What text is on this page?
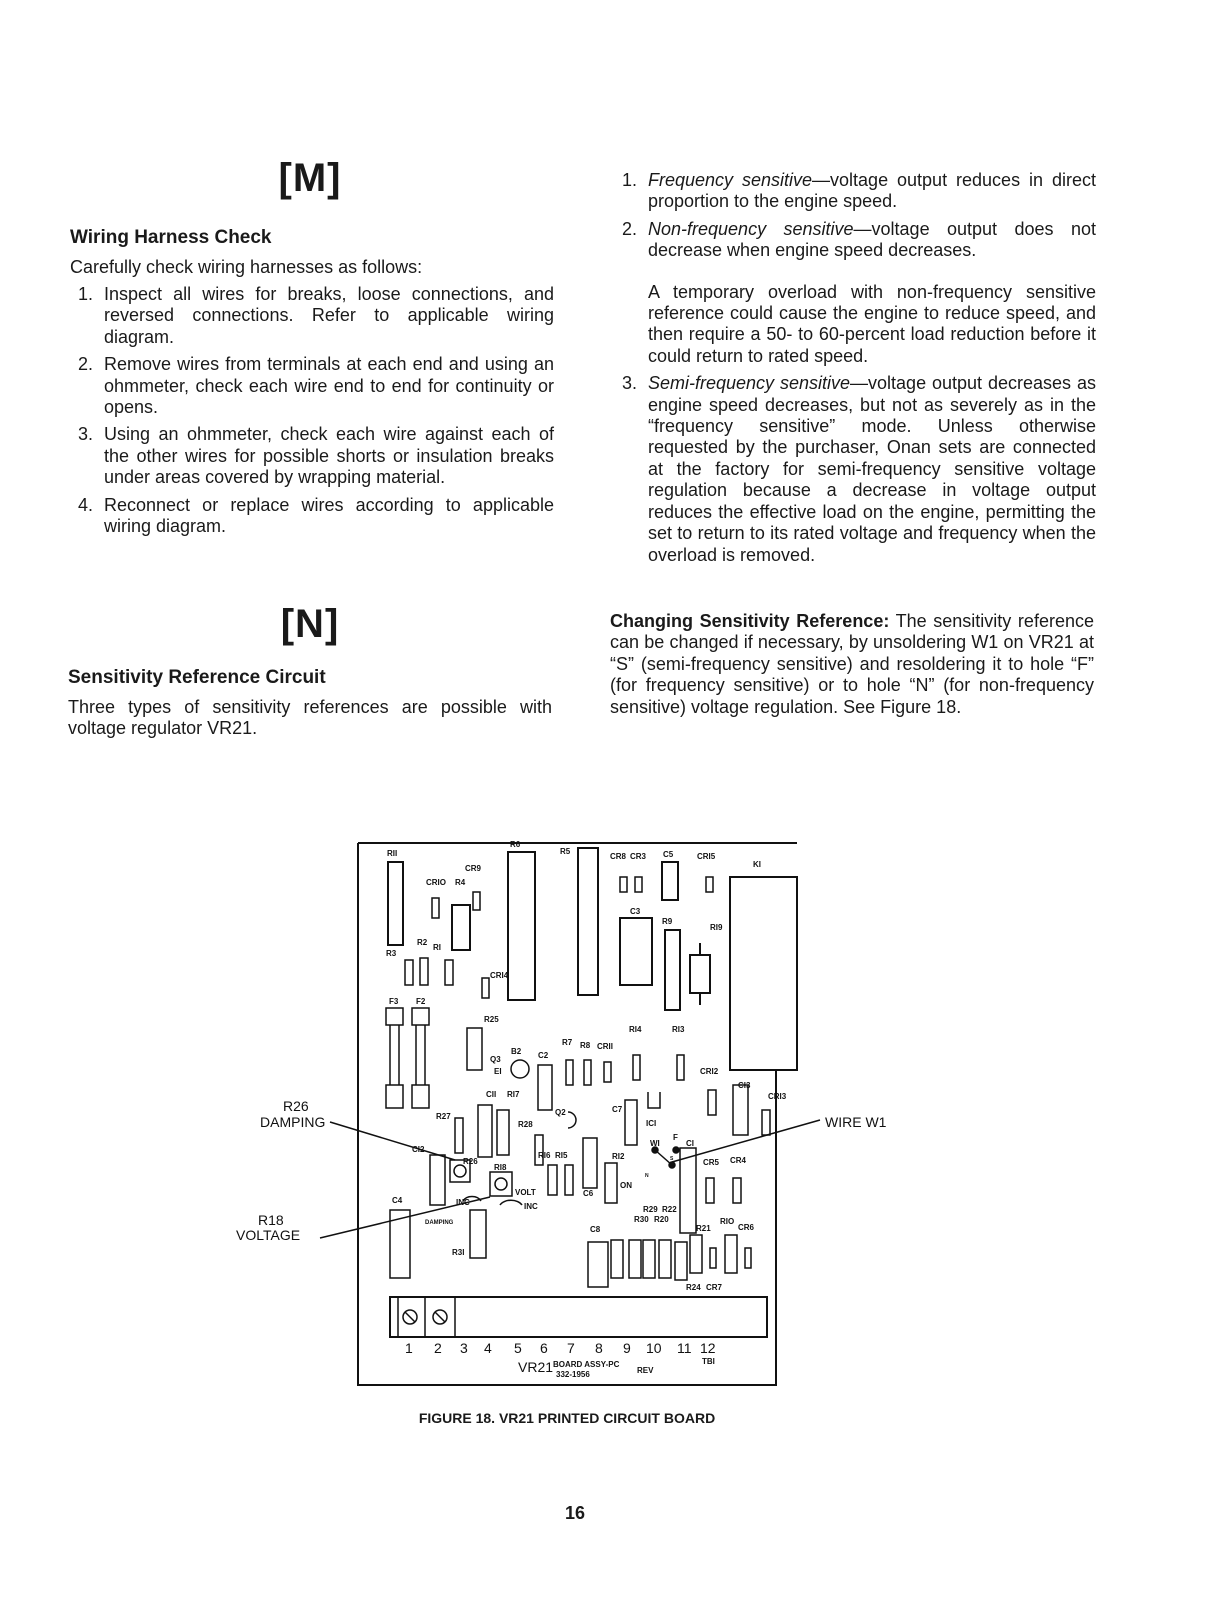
[M]
Wiring Harness Check
Carefully check wiring harnesses as follows:
1. Inspect all wires for breaks, loose connections, and reversed connections. Refer to applicable wiring diagram.
2. Remove wires from terminals at each end and using an ohmmeter, check each wire end to end for continuity or opens.
3. Using an ohmmeter, check each wire against each of the other wires for possible shorts or insulation breaks under areas covered by wrapping material.
4. Reconnect or replace wires according to applicable wiring diagram.
[N]
Sensitivity Reference Circuit

Three types of sensitivity references are possible with voltage regulator VR21.

1. Frequency sensitive—voltage output reduces in direct proportion to the engine speed.
2. Non-frequency sensitive—voltage output does not decrease when engine speed decreases.

A temporary overload with non-frequency sensitive reference could cause the engine to reduce speed, and then require a 50- to 60-percent load reduction before it could return to rated speed.

3. Semi-frequency sensitive—voltage output decreases as engine speed decreases, but not as severely as in the “frequency sensitive” mode. Unless otherwise requested by the purchaser, Onan sets are connected at the factory for semi-frequency sensitive voltage regulation because a decrease in voltage output reduces the effective load on the engine, permitting the set to return to its rated voltage and frequency when the overload is removed.

Changing Sensitivity Reference: The sensitivity reference can be changed if necessary, by unsoldering W1 on VR21 at “S” (semi-frequency sensitive) and resoldering it to hole “F” (for frequency sensitive) or to hole “N” (for non-frequency sensitive) voltage regulation. See Figure 18.

RII
R6
R5
CR8 CR3 C5	CRI5
KI
CR9
CRIO R4
C3
R9
RI9
R2
RI
R3
CRI4
F3 F2
R25
RI4	RI3
R7 R8 CRII
Q3
B2 C2
EI	CRI2
CI3
CRI3
CII RI7
R27
R28
Q2	C7
ICI
WI
F
CI
CI2
R26
RI8
RI6 RI5	RI2
VOLT
INC	INC
DAMPING
ON
CR5 CR4
C4
C6
R29 R22
R30 R20
C8	R21
RIO
CR6
R3I
R24 CR7
S
N
1 2 3 4 5 6 7 8 9 10 11 12
TBI
VR21 BOARD ASSY-PC
332-1956	REV
R26
DAMPING
R18
VOLTAGE
WIRE W1
FIGURE 18. VR21 PRINTED CIRCUIT BOARD
16
